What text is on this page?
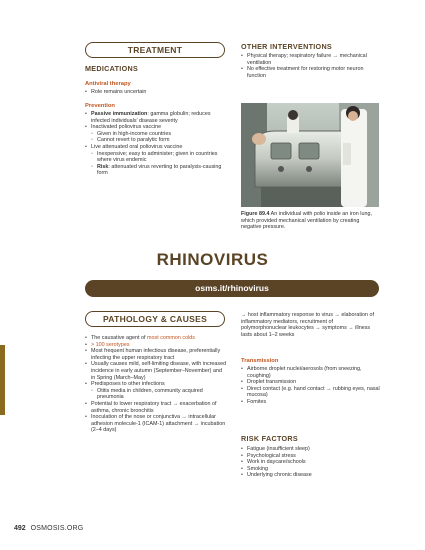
TREATMENT
MEDICATIONS
Antiviral therapy
• Role remains uncertain
Prevention
• Passive immunization: gamma globulin; reduces infected individuals’ disease severity
• Inactivated poliovirus vaccine
◦ Given in high-income countries
◦ Cannot revert to paralytic form
• Live attenuated oral poliovirus vaccine
◦ Inexpensive; easy to administer; given in countries where virus endemic
◦ Risk: attenuated virus reverting to paralysis-causing form
OTHER INTERVENTIONS
• Physical therapy; respiratory failure → mechanical ventilation
• No effective treatment for restoring motor neuron function
Figure 89.4 An individual with polio inside an iron lung, which provided mechanical ventilation by creating negative pressure.
RHINOVIRUS
osms.it/rhinovirus
PATHOLOGY & CAUSES
• The causative agent of most common colds
• > 100 serotypes
• Most frequent human infectious disease, preferentially infecting the upper respiratory tract
• Usually causes mild, self-limiting disease, with increased incidence in early autumn (September–November) and in Spring (March–May)
• Predisposes to other infections
◦ Otitis media in children, community acquired pneumonia
• Potential to lower respiratory tract → exacerbation of asthma, chronic bronchitis
• Inoculation of the nose or conjunctiva → intracellular adhesion molecule-1 (ICAM-1) attachment → incubation (2–4 days)
→ host inflammatory response to virus → elaboration of inflammatory mediators, recruitment of polymorphonuclear leukocytes → symptoms → illness lasts about 1–2 weeks
Transmission
• Airborne droplet nuclei/aerosols (from sneezing, coughing)
• Droplet transmission
• Direct contact (e.g. hand contact → rubbing eyes, nasal mucosa)
• Fomites
RISK FACTORS
• Fatigue (insufficient sleep)
• Psychological stress
• Work in daycare/schools
• Smoking
• Underlying chronic disease
492 OSMOSIS.ORG
